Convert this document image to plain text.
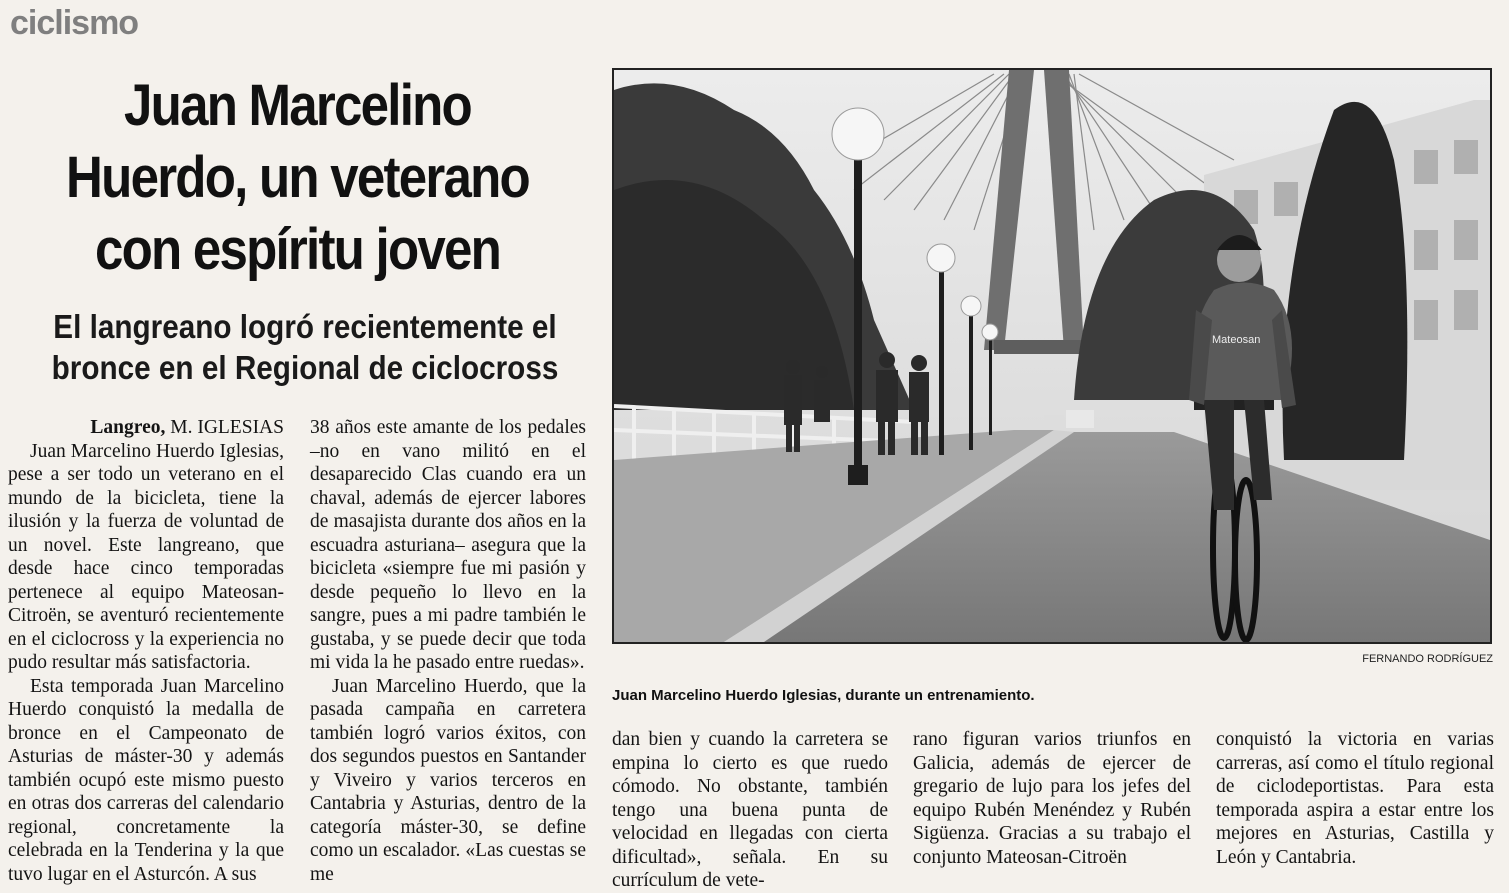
ciclismo
Juan Marcelino
Huerdo, un veterano
con espíritu joven
El langreano logró recientemente el
bronce en el Regional de ciclocross
Langreo, M. IGLESIAS

Juan Marcelino Huerdo Iglesias, pese a ser todo un veterano en el mundo de la bicicleta, tiene la ilusión y la fuerza de voluntad de un novel. Este langreano, que desde hace cinco temporadas pertenece al equipo Mateosan-Citroën, se aventuró recientemente en el ciclocross y la experiencia no pudo resultar más satisfactoria.

Esta temporada Juan Marcelino Huerdo conquistó la medalla de bronce en el Campeonato de Asturias de máster-30 y además también ocupó este mismo puesto en otras dos carreras del calendario regional, concretamente la celebrada en la Tenderina y la que tuvo lugar en el Asturcón. A sus

38 años este amante de los pedales –no en vano militó en el desaparecido Clas cuando era un chaval, además de ejercer labores de masajista durante dos años en la escuadra asturiana– asegura que la bicicleta «siempre fue mi pasión y desde pequeño lo llevo en la sangre, pues a mi padre también le gustaba, y se puede decir que toda mi vida la he pasado entre ruedas».

Juan Marcelino Huerdo, que la pasada campaña en carretera también logró varios éxitos, con dos segundos puestos en Santander y Viveiro y varios terceros en Cantabria y Asturias, dentro de la categoría máster-30, se define como un escalador. «Las cuestas se me

Mateosan
FERNANDO RODRÍGUEZ
Juan Marcelino Huerdo Iglesias, durante un entrenamiento.

dan bien y cuando la carretera se empina lo cierto es que ruedo cómodo. No obstante, también tengo una buena punta de velocidad en llegadas con cierta dificultad», señala. En su currículum de vete-

rano figuran varios triunfos en Galicia, además de ejercer de gregario de lujo para los jefes del equipo Rubén Menéndez y Rubén Sigüenza. Gracias a su trabajo el conjunto Mateosan-Citroën

conquistó la victoria en varias carreras, así como el título regional de ciclodeportistas. Para esta temporada aspira a estar entre los mejores en Asturias, Castilla y León y Cantabria.
